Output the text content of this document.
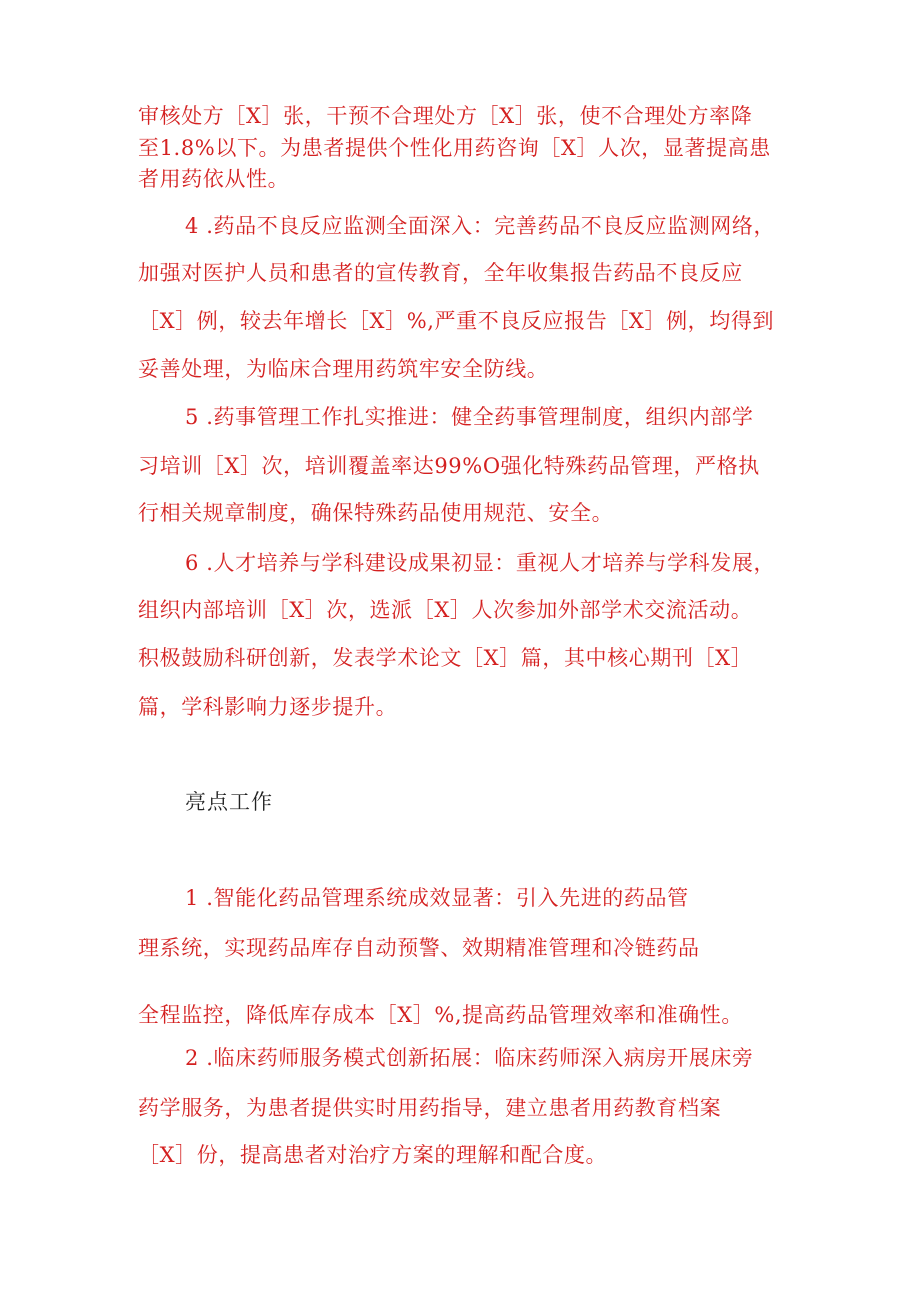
审核处方［X］张，干预不合理处方［X］张，使不合理处方率降
至1.8%以下。为患者提供个性化用药咨询［X］人次，显著提高患
者用药依从性。
4 .药品不良反应监测全面深入：完善药品不良反应监测网络，
加强对医护人员和患者的宣传教育，全年收集报告药品不良反应
［X］例，较去年增长［X］%,严重不良反应报告［X］例，均得到
妥善处理，为临床合理用药筑牢安全防线。
5 .药事管理工作扎实推进：健全药事管理制度，组织内部学
习培训［X］次，培训覆盖率达99%O强化特殊药品管理，严格执
行相关规章制度，确保特殊药品使用规范、安全。
6 .人才培养与学科建设成果初显：重视人才培养与学科发展，
组织内部培训［X］次，选派［X］人次参加外部学术交流活动。
积极鼓励科研创新，发表学术论文［X］篇，其中核心期刊［X］
篇，学科影响力逐步提升。
亮点工作
1 .智能化药品管理系统成效显著：引入先进的药品管
理系统，实现药品库存自动预警、效期精准管理和冷链药品
全程监控，降低库存成本［X］%,提高药品管理效率和准确性。
2 .临床药师服务模式创新拓展：临床药师深入病房开展床旁
药学服务，为患者提供实时用药指导，建立患者用药教育档案
［X］份，提高患者对治疗方案的理解和配合度。
